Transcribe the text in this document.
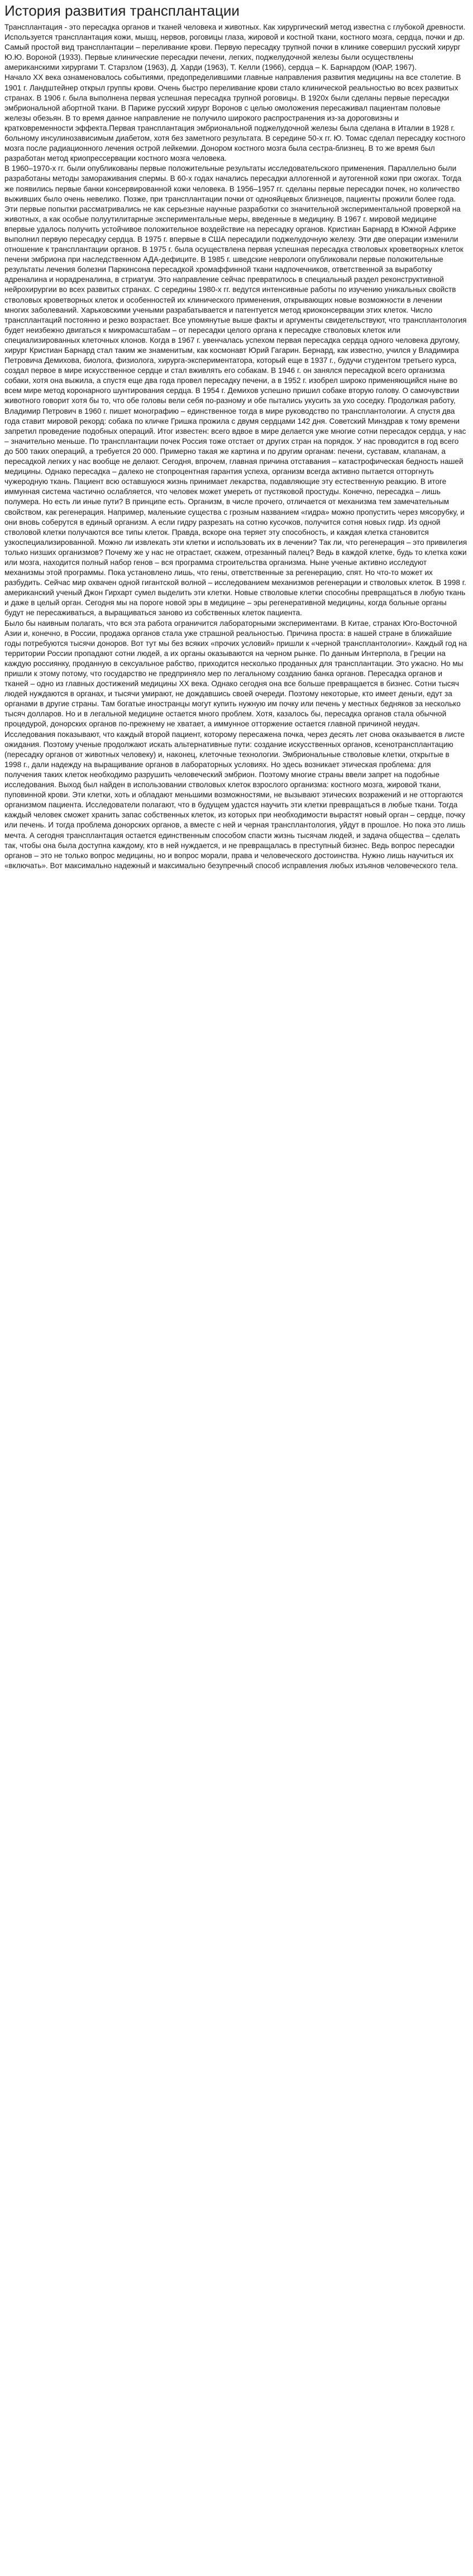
История развития трансплантации

Трансплантация - это пересадка органов и тканей человека и животных. Как хирургический метод известна с глубокой древности. Используется трансплантация кожи, мышц, нервов, роговицы глаза, жировой и костной ткани, костного мозга, сердца, почки и др. Самый простой вид трансплантации – переливание крови. Первую пересадку трупной почки в клинике совершил русский хирург Ю.Ю. Вороной (1933). Первые клинические пересадки печени, легких, поджелудочной железы были осуществлены американскими хирургами Т. Старзлом (1963), Д. Харди (1963), Т. Келли (1966), сердца – К. Барнардом (ЮАР, 1967).

Начало XX века ознаменовалось событиями, предопределившими главные направления развития медицины на все столетие. В 1901 г. Ландштейнер открыл группы крови. Очень быстро переливание крови стало клинической реальностью во всех развитых странах. В 1906 г. была выполнена первая успешная пересадка трупной роговицы. В 1920х были сделаны первые пересадки эмбриональной абортной ткани. В Париже русский хирург Воронов с целью омоложения пересаживал пациентам половые железы обезьян. В то время данное направление не получило широкого распространения из-за дороговизны и кратковременности эффекта.Первая трансплантация эмбриональной поджелудочной железы была сделана в Италии в 1928 г. больному инсулинозависимым диабетом, хотя без заметного результата. В середине 50-х гг. Ю. Томас сделал пересадку костного мозга после радиационного лечения острой лейкемии. Донором костного мозга была сестра-близнец. В то же время был разработан метод криопрессервации костного мозга человека.

В 1960–1970-х гг. были опубликованы первые положительные результаты исследовательского применения. Параллельно были разработаны методы замораживания спермы. В 60-х годах начались пересадки аллогенной и аутогенной кожи при ожогах. Тогда же появились первые банки консервированной кожи человека. В 1956–1957 гг. сделаны первые пересадки почек, но количество выживших было очень невелико. Позже, при трансплантации почки от однояйцевых близнецов, пациенты прожили более года. Эти первые попытки рассматривались не как серьезные научные разработки со значительной экспериментальной проверкой на животных, а как особые полуутилитарные экспериментальные меры, введенные в медицину. В 1967 г. мировой медицине впервые удалось получить устойчивое положительное воздействие на пересадку органов. Кристиан Барнард в Южной Африке выполнил первую пересадку сердца. В 1975 г. впервые в США пересадили поджелудочную железу. Эти две операции изменили отношение к трансплантации органов. В 1975 г. была осуществлена первая успешная пересадка стволовых кроветворных клеток печени эмбриона при наследственном АДА-дефиците. В 1985 г. шведские неврологи опубликовали первые положительные результаты лечения болезни Паркинсона пересадкой хромаффинной ткани надпочечников, ответственной за выработку адреналина и норадреналина, в стриатум. Это направление сейчас превратилось в специальный раздел реконструктивной нейрохирургии во всех развитых странах. С середины 1980-х гг. ведутся интенсивные работы по изучению уникальных свойств стволовых кроветворных клеток и особенностей их клинического применения, открывающих новые возможности в лечении многих заболеваний. Харьковскими учеными разрабатывается и патентуется метод криоконсервации этих клеток. Число трансплантаций постоянно и резко возрастает. Все упомянутые выше факты и аргументы свидетельствуют, что трансплантология будет неизбежно двигаться к микромасштабам – от пересадки целого органа к пересадке стволовых клеток или специализированных клеточных клонов. Когда в 1967 г. увенчалась успехом первая пересадка сердца одного человека другому, хирург Кристиан Барнард стал таким же знаменитым, как космонавт Юрий Гагарин. Бернард, как известно, учился у Владимира Петровича Демихова, биолога, физиолога, хирурга-экспериментатора, который еще в 1937 г., будучи студентом третьего курса, создал первое в мире искусственное сердце и стал вживлять его собакам. В 1946 г. он занялся пересадкой всего организма собаки, хотя она выжила, а спустя еще два года провел пересадку печени, а в 1952 г. изобрел широко применяющийся ныне во всем мире метод коронарного шунтирования сердца. В 1954 г. Демихов успешно пришил собаке вторую голову. О самочувствии животного говорит хотя бы то, что обе головы вели себя по-разному и обе пытались укусить за ухо соседку. Продолжая работу, Владимир Петрович в 1960 г. пишет монографию – единственное тогда в мире руководство по трансплантологии. А спустя два года ставит мировой рекорд: собака по кличке Гришка прожила с двумя сердцами 142 дня. Советский Минздрав к тому времени запретил проведение подобных операций. Итог известен: всего вдвое в мире делается уже многие сотни пересадок сердца, у нас – значительно меньше. По трансплантации почек Россия тоже отстает от других стран на порядок. У нас проводится в год всего до 500 таких операций, а требуется 20 000. Примерно такая же картина и по другим органам: печени, суставам, клапанам, а пересадкой легких у нас вообще не делают. Сегодня, впрочем, главная причина отставания – катастрофическая бедность нашей медицины. Однако пересадка – далеко не стопроцентная гарантия успеха, организм всегда активно пытается отторгнуть чужеродную ткань. Пациент всю оставшуюся жизнь принимает лекарства, подавляющие эту естественную реакцию. В итоге иммунная система частично ослабляется, что человек может умереть от пустяковой простуды. Конечно, пересадка – лишь полумера. Но есть ли иные пути? В принципе есть. Организм, в числе прочего, отличается от механизма тем замечательным свойством, как регенерация. Например, маленькие существа с грозным названием «гидра» можно пропустить через мясорубку, и они вновь соберутся в единый организм. А если гидру разрезать на сотню кусочков, получится сотня новых гидр. Из одной стволовой клетки получаются все типы клеток. Правда, вскоре она теряет эту способность, и каждая клетка становится узкоспециализированной. Можно ли извлекать эти клетки и использовать их в лечении? Так ли, что регенерация – это привилегия только низших организмов? Почему же у нас не отрастает, скажем, отрезанный палец? Ведь в каждой клетке, будь то клетка кожи или мозга, находится полный набор генов – вся программа строительства организма. Ныне ученые активно исследуют механизмы этой программы. Пока установлено лишь, что гены, ответственные за регенерацию, спят. Но что-то может их разбудить. Сейчас мир охвачен одной гигантской волной – исследованием механизмов регенерации и стволовых клеток. В 1998 г. американский ученый Джон Гирхарт сумел выделить эти клетки. Новые стволовые клетки способны превращаться в любую ткань и даже в целый орган. Сегодня мы на пороге новой эры в медицине – эры регенеративной медицины, когда больные органы будут не пересаживаться, а выращиваться заново из собственных клеток пациента.

Было бы наивным полагать, что вся эта работа ограничится лабораторными экспериментами. В Китае, странах Юго-Восточной Азии и, конечно, в России, продажа органов стала уже страшной реальностью. Причина проста: в нашей стране в ближайшие годы потребуются тысячи доноров. Вот тут мы без всяких «прочих условий» пришли к «черной трансплантологии». Каждый год на территории России пропадают сотни людей, а их органы оказываются на черном рынке. По данным Интерпола, в Греции на каждую россиянку, проданную в сексуальное рабство, приходится несколько проданных для трансплантации. Это ужасно. Но мы пришли к этому потому, что государство не предприняло мер по легальному созданию банка органов. Пересадка органов и тканей – одно из главных достижений медицины XX века. Однако сегодня она все больше превращается в бизнес. Сотни тысяч людей нуждаются в органах, и тысячи умирают, не дождавшись своей очереди. Поэтому некоторые, кто имеет деньги, едут за органами в другие страны. Там богатые иностранцы могут купить нужную им почку или печень у местных бедняков за несколько тысяч долларов. Но и в легальной медицине остается много проблем. Хотя, казалось бы, пересадка органов стала обычной процедурой, донорских органов по-прежнему не хватает, а иммунное отторжение остается главной причиной неудач. Исследования показывают, что каждый второй пациент, которому пересажена почка, через десять лет снова оказывается в листе ожидания. Поэтому ученые продолжают искать альтернативные пути: создание искусственных органов, ксенотрансплантацию (пересадку органов от животных человеку) и, наконец, клеточные технологии. Эмбриональные стволовые клетки, открытые в 1998 г., дали надежду на выращивание органов в лабораторных условиях. Но здесь возникает этическая проблема: для получения таких клеток необходимо разрушить человеческий эмбрион. Поэтому многие страны ввели запрет на подобные исследования. Выход был найден в использовании стволовых клеток взрослого организма: костного мозга, жировой ткани, пуповинной крови. Эти клетки, хоть и обладают меньшими возможностями, не вызывают этических возражений и не отторгаются организмом пациента. Исследователи полагают, что в будущем удастся научить эти клетки превращаться в любые ткани. Тогда каждый человек сможет хранить запас собственных клеток, из которых при необходимости вырастят новый орган – сердце, почку или печень. И тогда проблема донорских органов, а вместе с ней и черная трансплантология, уйдут в прошлое. Но пока это лишь мечта. А сегодня трансплантация остается единственным способом спасти жизнь тысячам людей, и задача общества – сделать так, чтобы она была доступна каждому, кто в ней нуждается, и не превращалась в преступный бизнес. Ведь вопрос пересадки органов – это не только вопрос медицины, но и вопрос морали, права и человеческого достоинства. Нужно лишь научиться их «включать». Вот максимально надежный и максимально безупречный способ исправления любых изъянов человеческого тела.
